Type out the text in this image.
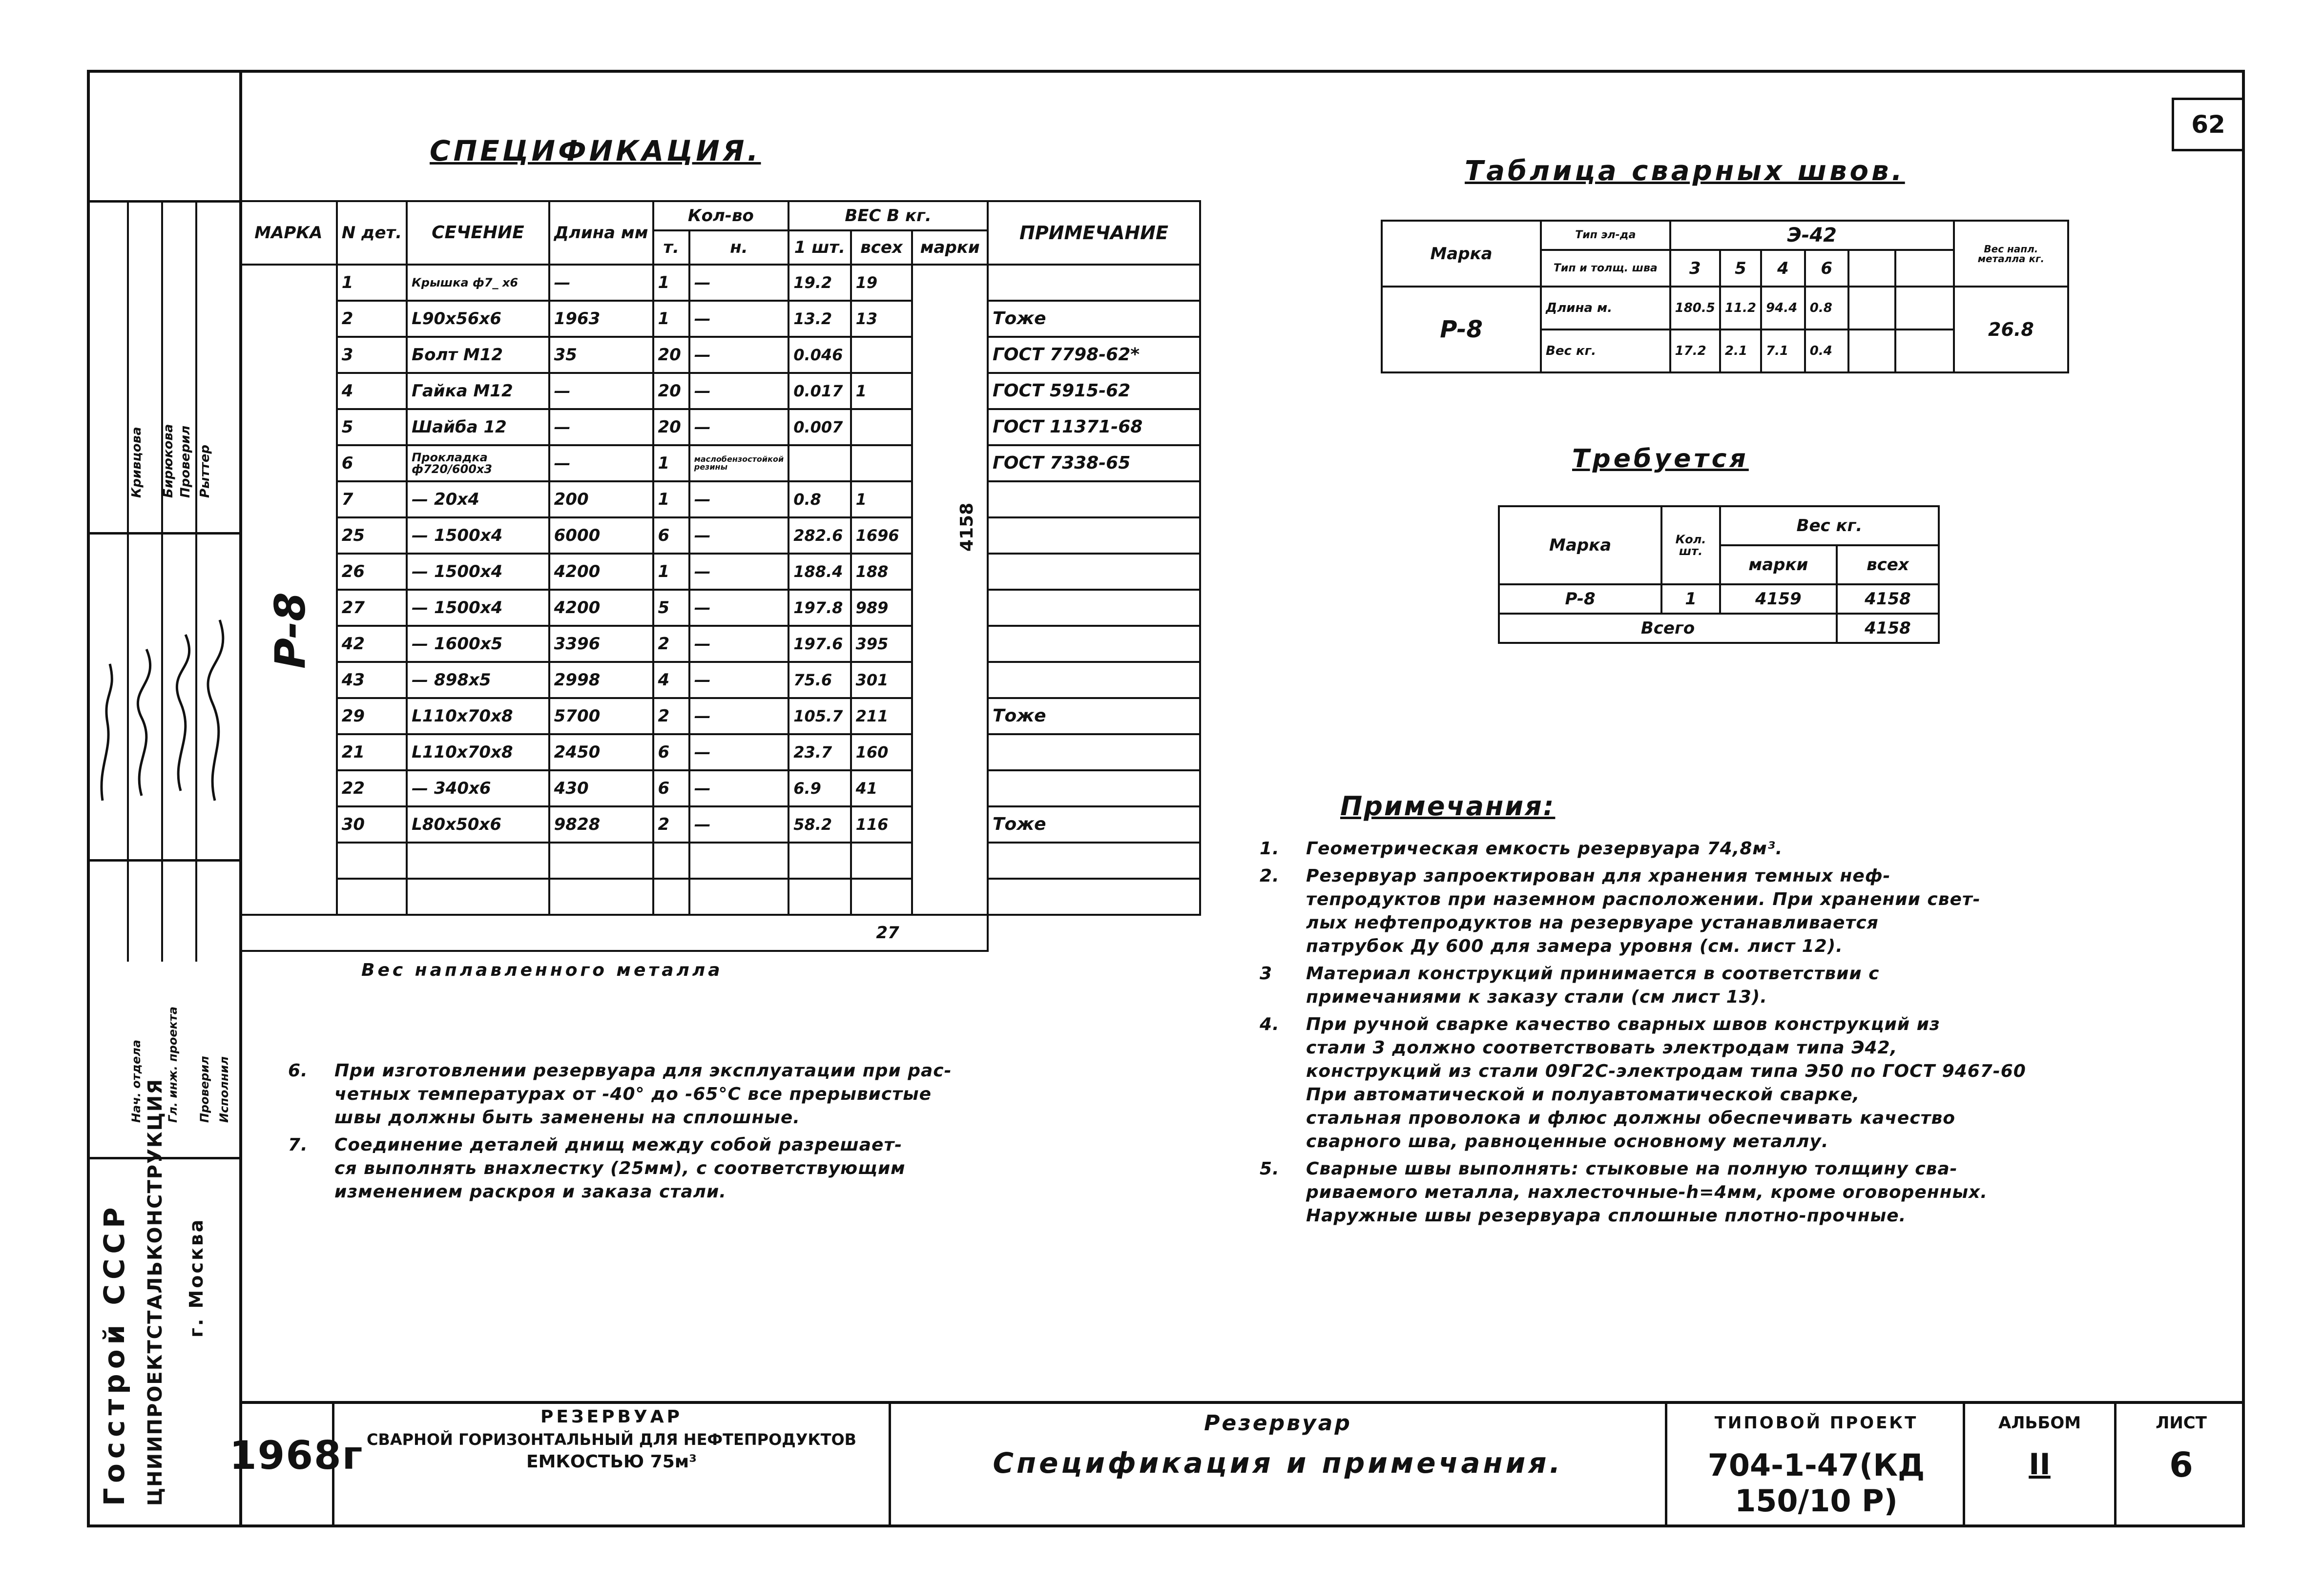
62
Рыттер
Проверил
Бирюкова
Кривцова
Исполнил
Проверил
Гл. инж. проекта
Нач. отдела
Госстрой СССР ЦНИИПРОЕКТСТАЛЬКОНСТРУКЦИЯ г. Москва
СПЕЦИФИКАЦИЯ.
МАРКА	N дет.	СЕЧЕНИЕ	Длина мм	Кол-во		ВЕС В кг.			ПРИМЕЧАНИЕ
				т.	н.	1 шт.	всех	марки	
	1	Крышка ф7_ x6	—	1	—	19.2	19		
	2	L90x56x6	1963	1	—	13.2	13		Тоже
	3	Болт М12	35	20	—	0.046			ГОСТ 7798-62*
	4	Гайка М12	—	20	—	0.017	1		ГОСТ 5915-62
	5	Шайба 12	—	20	—	0.007			ГОСТ 11371-68
	6	Прокладка ф720/600x3	—	1	маслобензостойкой резины				ГОСТ 7338-65
	7	— 20x4	200	1	—	0.8	1		
	25	— 1500x4	6000	6	—	282.6	1696		
	26	— 1500x4	4200	1	—	188.4	188		
	27	— 1500x4	4200	5	—	197.8	989		
	42	— 1600x5	3396	2	—	197.6	395		
	43	— 898x5	2998	4	—	75.6	301		
	29	L110x70x8	5700	2	—	105.7	211		Тоже
	21	L110x70x8	2450	6	—	23.7	160		
	22	— 340x6	430	6	—	6.9	41		
	30	L80x50x6	9828	2	—	58.2	116		Тоже

						27			
Вес наплавленного металла
P-8
4158
Таблица сварных швов.
Марка	Тип эл-да	Э-42						Вес напл. металла кг.
	Тип и толщ. шва	3	5	4	6			
P-8	Длина м.	180.5	11.2	94.4	0.8			26.8
	Вес кг.	17.2	2.1	7.1	0.4			
Требуется
Марка	Кол. шт.	Вес кг.	
		марки	всех
P-8	1	4159	4158
Всего			4158
Примечания:
1.	Геометрическая емкость резервуара 74,8м³.
2.	Резервуар запроектирован для хранения темных неф-
тепродуктов при наземном расположении. При хранении свет-
лых нефтепродуктов на резервуаре устанавливается
патрубок Ду 600 для замера уровня (см. лист 12).
3	Материал конструкций принимается в соответствии с
примечаниями к заказу стали (см лист 13).
4.	При ручной сварке качество сварных швов конструкций из
стали 3 должно соответствовать электродам типа Э42,
конструкций из стали 09Г2С-электродам типа Э50 по ГОСТ 9467-60
При автоматической и полуавтоматической сварке,
стальная проволока и флюс должны обеспечивать качество
сварного шва, равноценные основному металлу.
5.	Сварные швы выполнять: стыковые на полную толщину сва-
риваемого металла, нахлесточные-h=4мм, кроме оговоренных.
Наружные швы резервуара сплошные плотно-прочные.
6.	При изготовлении резервуара для эксплуатации при рас-
четных температурах от -40° до -65°С все прерывистые
швы должны быть заменены на сплошные.
7.	Соединение деталей днищ между собой разрешает-
ся выполнять внахлестку (25мм), с соответствующим
изменением раскроя и заказа стали.
1968г
РЕЗЕРВУАР
СВАРНОЙ ГОРИЗОНТАЛЬНЫЙ ДЛЯ НЕФТЕПРОДУКТОВ
ЕМКОСТЬЮ 75м³
Резервуар
Спецификация и примечания.
ТИПОВОЙ ПРОЕКТ
704-1-47(КД 150/10 Р)
АЛЬБОМ
II
ЛИСТ
6
